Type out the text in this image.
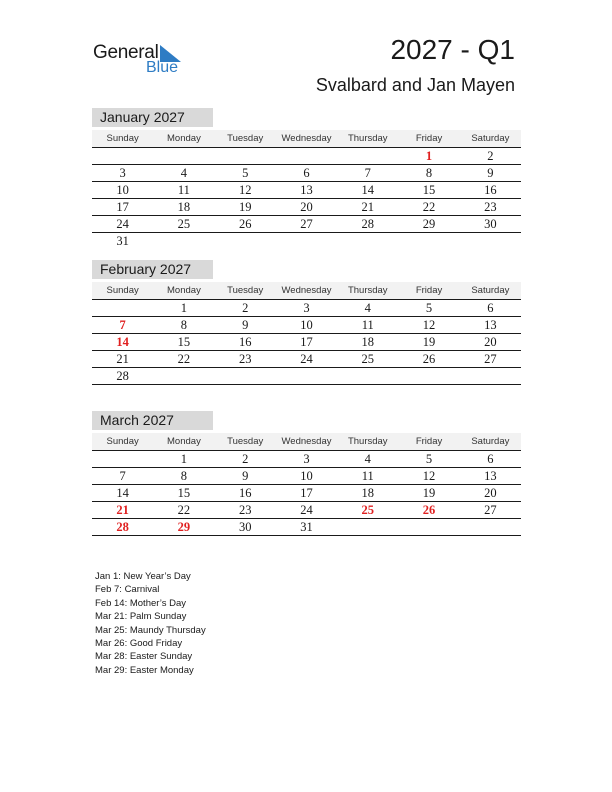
General
Blue
2027 - Q1
Svalbard and Jan Mayen
January 2027
Sunday	Monday	Tuesday	Wednesday	Thursday	Friday	Saturday
					1	2
3	4	5	6	7	8	9
10	11	12	13	14	15	16
17	18	19	20	21	22	23
24	25	26	27	28	29	30
31						
February 2027
Sunday	Monday	Tuesday	Wednesday	Thursday	Friday	Saturday
	1	2	3	4	5	6
7	8	9	10	11	12	13
14	15	16	17	18	19	20
21	22	23	24	25	26	27
28						
March 2027
Sunday	Monday	Tuesday	Wednesday	Thursday	Friday	Saturday
	1	2	3	4	5	6
7	8	9	10	11	12	13
14	15	16	17	18	19	20
21	22	23	24	25	26	27
28	29	30	31			
Jan 1: New Year’s Day
Feb 7: Carnival
Feb 14: Mother’s Day
Mar 21: Palm Sunday
Mar 25: Maundy Thursday
Mar 26: Good Friday
Mar 28: Easter Sunday
Mar 29: Easter Monday
